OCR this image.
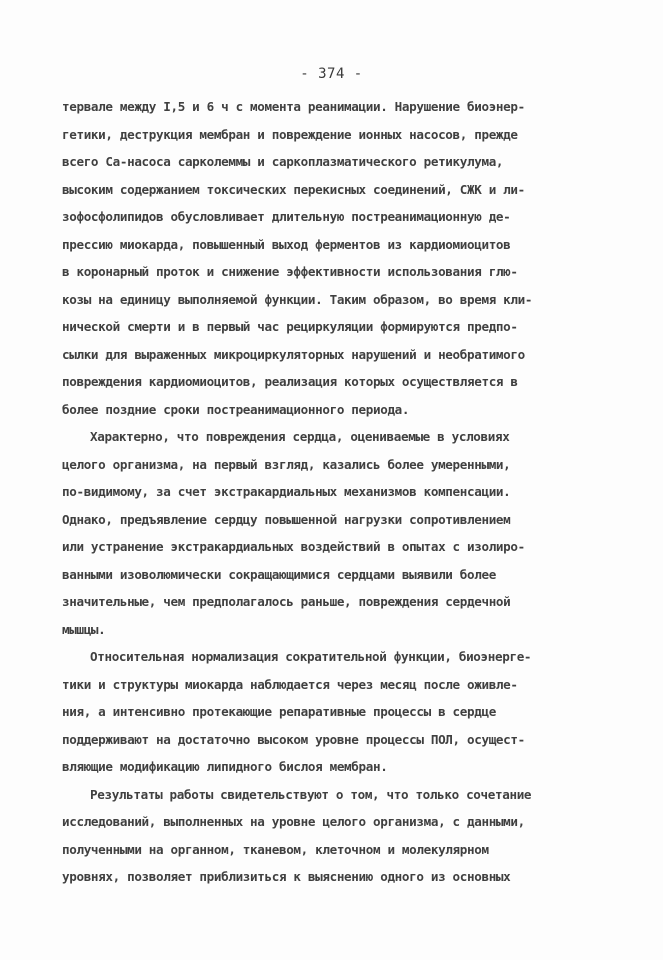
- 374 -
тервале между I,5 и 6 ч с момента реанимации. Нарушение биоэнер-
гетики, деструкция мембран и повреждение ионных насосов, прежде
всего Са-насоса сарколеммы и саркоплазматического ретикулума,
высоким содержанием токсических перекисных соединений, СЖК и ли-
зофосфолипидов обусловливает длительную постреанимационную де-
прессию миокарда, повышенный выход ферментов из кардиомиоцитов
в коронарный проток и снижение эффективности использования глю-
козы на единицу выполняемой функции. Таким образом, во время кли-
нической смерти и в первый час рециркуляции формируются предпо-
сылки для выраженных микроциркуляторных нарушений и необратимого
повреждения кардиомиоцитов, реализация которых осуществляется в
более поздние сроки постреанимационного периода.
Характерно, что повреждения сердца, оцениваемые в условиях
целого организма, на первый взгляд, казались более умеренными,
по-видимому, за счет экстракардиальных механизмов компенсации.
Однако, предъявление сердцу повышенной нагрузки сопротивлением
или устранение экстракардиальных воздействий в опытах с изолиро-
ванными изоволюмически сокращающимися сердцами выявили более
значительные, чем предполагалось раньше, повреждения сердечной
мышцы.
Относительная нормализация сократительной функции, биоэнерге-
тики и структуры миокарда наблюдается через месяц после оживле-
ния, а интенсивно протекающие репаративные процессы в сердце
поддерживают на достаточно высоком уровне процессы ПОЛ, осущест-
вляющие модификацию липидного бислоя мембран.
Результаты работы свидетельствуют о том, что только сочетание
исследований, выполненных на уровне целого организма, с данными,
полученными на органном, тканевом, клеточном и молекулярном
уровнях, позволяет приблизиться к выяснению одного из основных
